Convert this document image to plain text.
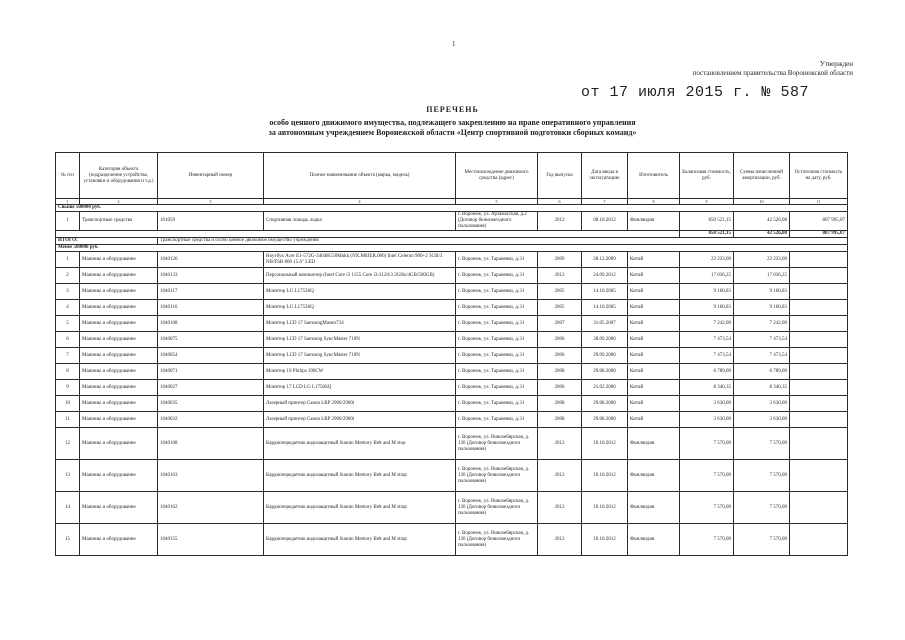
1
Утвержден
постановлением правительства Воронежской области
от 17 июля 2015 г. № 587
ПЕРЕЧЕНЬ
особо ценного движимого имущества, подлежащего закреплению на праве оперативного управления
за автономным учреждением Воронежской области «Центр спортивной подготовки сборных команд»
№ п/п	Категория объекта (подразделение устройства, установки и оборудования и т.д.)	Инвентарный номер	Полное наименование объекта (марка, модель)	Местонахождение движимого средства (адрес)	Год выпуска	Дата ввода в эксплуатацию	Изготовитель	Балансовая стоимость, руб.	Сумма начисленной амортизации, руб.	Остаточная стоимость на дату, руб.
1	2	3	4	5	6	7	8	9	10	11
Свыше 500000 руб.										
1	Транспортные средства	101059	Спортивная лошадь лодка	г. Воронеж, ул. Арзамасская, д.2 (Договор безвозмездного пользования)	2012	08.10.2012	Финляндия	850 521,15	42 526,08	807 995,07
								850 521,15	42 526,08	807 995,07
ИТОГО:		Транспортные средства и особо ценное движимое имущество учреждения								
Менее 500000 руб.										
1	Машины и оборудование	1040126	Ноутбук Acer E1-572G-34048G50Mnkk (NX.M8JER.006) Intel Celeron 900+2 5GB/3 NB/FSB 800 15.6" LED	г. Воронеж, ул. Тараненко, д.31	2009	28.12.2009	Китай	23 233,00	23 233,00	
2	Машины и оборудование	1040133	Персональный компьютер (Intel Core i3 1155 Core i3-2120/3.3GHz/4GB/500GB)	г. Воронеж, ул. Тараненко, д.31	2012	24.09.2012	Китай	17 036,25	17 036,25	
3	Машины и оборудование	1040117	Монитор LG L1753SQ	г. Воронеж, ул. Тараненко, д.31	2005	14.10.2005	Китай	9 168,83	9 168,83	
4	Машины и оборудование	1040116	Монитор LG L1753SQ	г. Воронеж, ул. Тараненко, д.31	2005	14.10.2005	Китай	9 168,83	9 168,83	
5	Машины и оборудование	1040108	Монитор LCD 17 SamsungMaster734	г. Воронеж, ул. Тараненко, д.31	2007	31.05.2007	Китай	7 242,00	7 242,00	
6	Машины и оборудование	1040075	Монитор LCD 17 Samsung SyncMaster 710N	г. Воронеж, ул. Тараненко, д.31	2006	28.09.2006	Китай	7 473,54	7 473,54	
7	Машины и оборудование	1040054	Монитор LCD 17 Samsung SyncMaster 710N	г. Воронеж, ул. Тараненко, д.31	2006	29.09.2006	Китай	7 473,54	7 473,54	
8	Машины и оборудование	1040071	Монитор 19 Philips 190CW	г. Воронеж, ул. Тараненко, д.31	2008	29.08.2008	Китай	6 789,00	6 789,00	
9	Машины и оборудование	1040027	Монитор 17 LCD LG L1750SQ	г. Воронеж, ул. Тараненко, д.31	2006	21.02.2006	Китай	8 340,35	8 340,35	
10	Машины и оборудование	1040035	Лазерный принтер Canon LBP 2900/2900i	г. Воронеж, ул. Тараненко, д.31	2008	29.08.2008	Китай	3 630,00	3 630,00	
11	Машины и оборудование	1040032	Лазерный принтер Canon LBP 2900/2900i	г. Воронеж, ул. Тараненко, д.31	2008	29.08.2008	Китай	3 630,00	3 630,00	
12	Машины и оборудование	1040108	Кардиопередатчик водозащитный Suunto Memory Belt and M stop	г. Воронеж, ул. Новозебирская, д. 130 (Договор безвозмездного пользования)	2012	10.10.2012	Финляндия	7 570,00	7 570,00	
13	Машины и оборудование	1040163	Кардиопередатчик водозащитный Suunto Memory Belt and M strap	г. Воронеж, ул. Новозебирская, д. 130 (Договор безвозмездного пользования)	2012	10.10.2012	Финляндия	7 570,00	7 570,00	
14	Машины и оборудование	1040162	Кардиопередатчик водозащитный Suunto Memory Belt and M strap	г. Воронеж, ул. Новозебирская, д. 130 (Договор безвозмездного пользования)	2012	10.10.2012	Финляндия	7 570,00	7 570,00	
15	Машины и оборудование	1040155	Кардиопередатчик водозащитный Suunto Memory Belt and M strap	г. Воронеж, ул. Новозебирская, д. 130 (Договор безвозмездного пользования)	2012	10.10.2012	Финляндия	7 570,00	7 570,00	
